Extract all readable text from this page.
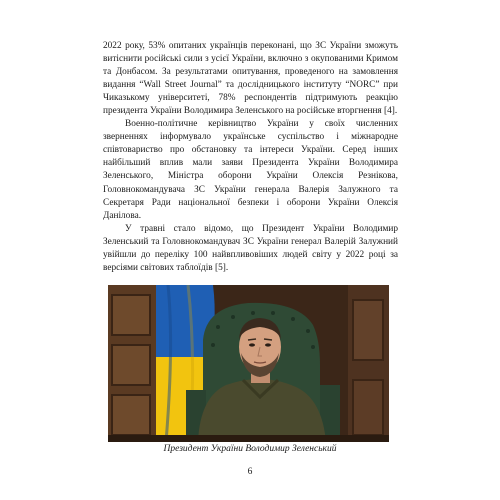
2022 року, 53% опитаних українців переконані, що ЗС України зможуть витіснити російські сили з усієї України, включно з окупованими Кримом та Донбасом. За результатами опитування, проведеного на замовлення видання “Wall Street Journal” та дослідницького інституту “NORC” при Чиказькому університеті, 78% респондентів підтримують реакцію президента України Володимира Зеленського на російське вторгнення [4].

Военно-політичне керівництво України у своїх численних зверненнях інформувало українське суспільство і міжнародне співтовариство про обстановку та інтереси України. Серед інших найбільший вплив мали заяви Президента України Володимира Зеленського, Міністра оборони України Олексія Резнікова, Головнокомандувача ЗС України генерала Валерія Залужного та Секретаря Ради національної безпеки і оборони України Олексія Данілова.

У травні стало відомо, що Президент України Володимир Зеленський та Головнокомандувач ЗС України генерал Валерій Залужний увійшли до переліку 100 найвпливовіших людей світу у 2022 році за версіями світових таблоїдів [5].

Президент України Володимир Зеленський
6
